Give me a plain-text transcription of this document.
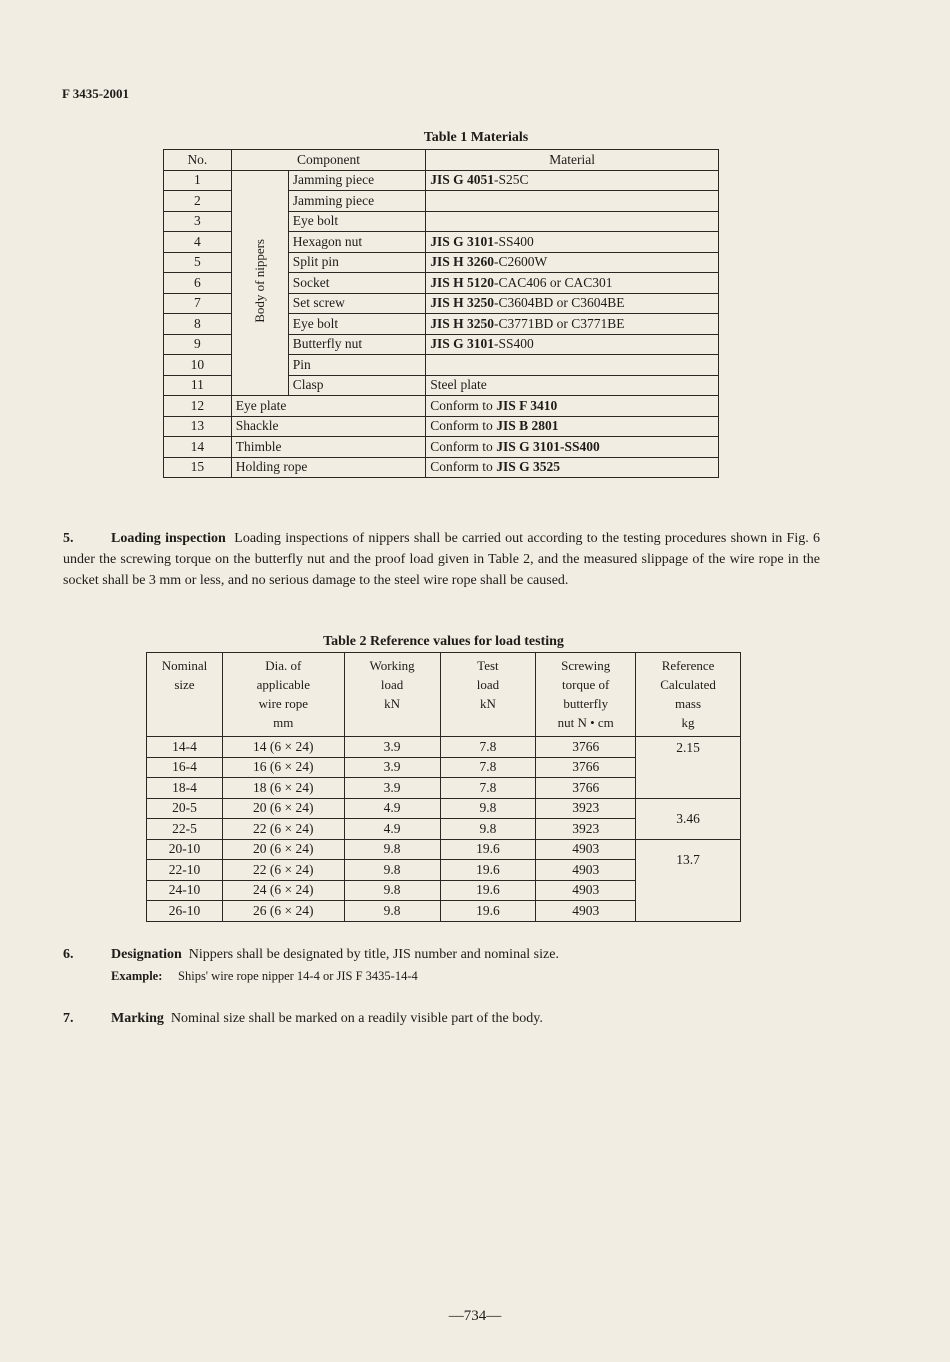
F 3435-2001
Table 1 Materials
No.	Component		Material
1	Body of nippers	Jamming piece	JIS G 4051-S25C
2		Jamming piece	
3		Eye bolt	
4		Hexagon nut	JIS G 3101-SS400
5		Split pin	JIS H 3260-C2600W
6		Socket	JIS H 5120-CAC406 or CAC301
7		Set screw	JIS H 3250-C3604BD or C3604BE
8		Eye bolt	JIS H 3250-C3771BD or C3771BE
9		Butterfly nut	JIS G 3101-SS400
10		Pin	
11		Clasp	Steel plate
12	Eye plate		Conform to JIS F 3410
13	Shackle		Conform to JIS B 2801
14	Thimble		Conform to JIS G 3101-SS400
15	Holding rope		Conform to JIS G 3525
5.	Loading inspection Loading inspections of nippers shall be carried out according to the testing procedures shown in Fig. 6 under the screwing torque on the butterfly nut and the proof load given in Table 2, and the measured slippage of the wire rope in the socket shall be 3 mm or less, and no serious damage to the steel wire rope shall be caused.
Table 2 Reference values for load testing
Nominal
size	Dia. of
applicable
wire rope
mm	Working
load
kN	Test
load
kN	Screwing
torque of
butterfly
nut N • cm	Reference
Calculated
mass
kg
14-4	14 (6 × 24)	3.9	7.8	3766	2.15
16-4	16 (6 × 24)	3.9	7.8	3766	
18-4	18 (6 × 24)	3.9	7.8	3766	
20-5	20 (6 × 24)	4.9	9.8	3923	3.46
22-5	22 (6 × 24)	4.9	9.8	3923	
20-10	20 (6 × 24)	9.8	19.6	4903	13.7
22-10	22 (6 × 24)	9.8	19.6	4903	
24-10	24 (6 × 24)	9.8	19.6	4903	
26-10	26 (6 × 24)	9.8	19.6	4903	
6.	Designation Nippers shall be designated by title, JIS number and nominal size.
Example: Ships' wire rope nipper 14-4 or JIS F 3435-14-4
7.	Marking Nominal size shall be marked on a readily visible part of the body.
—734—
